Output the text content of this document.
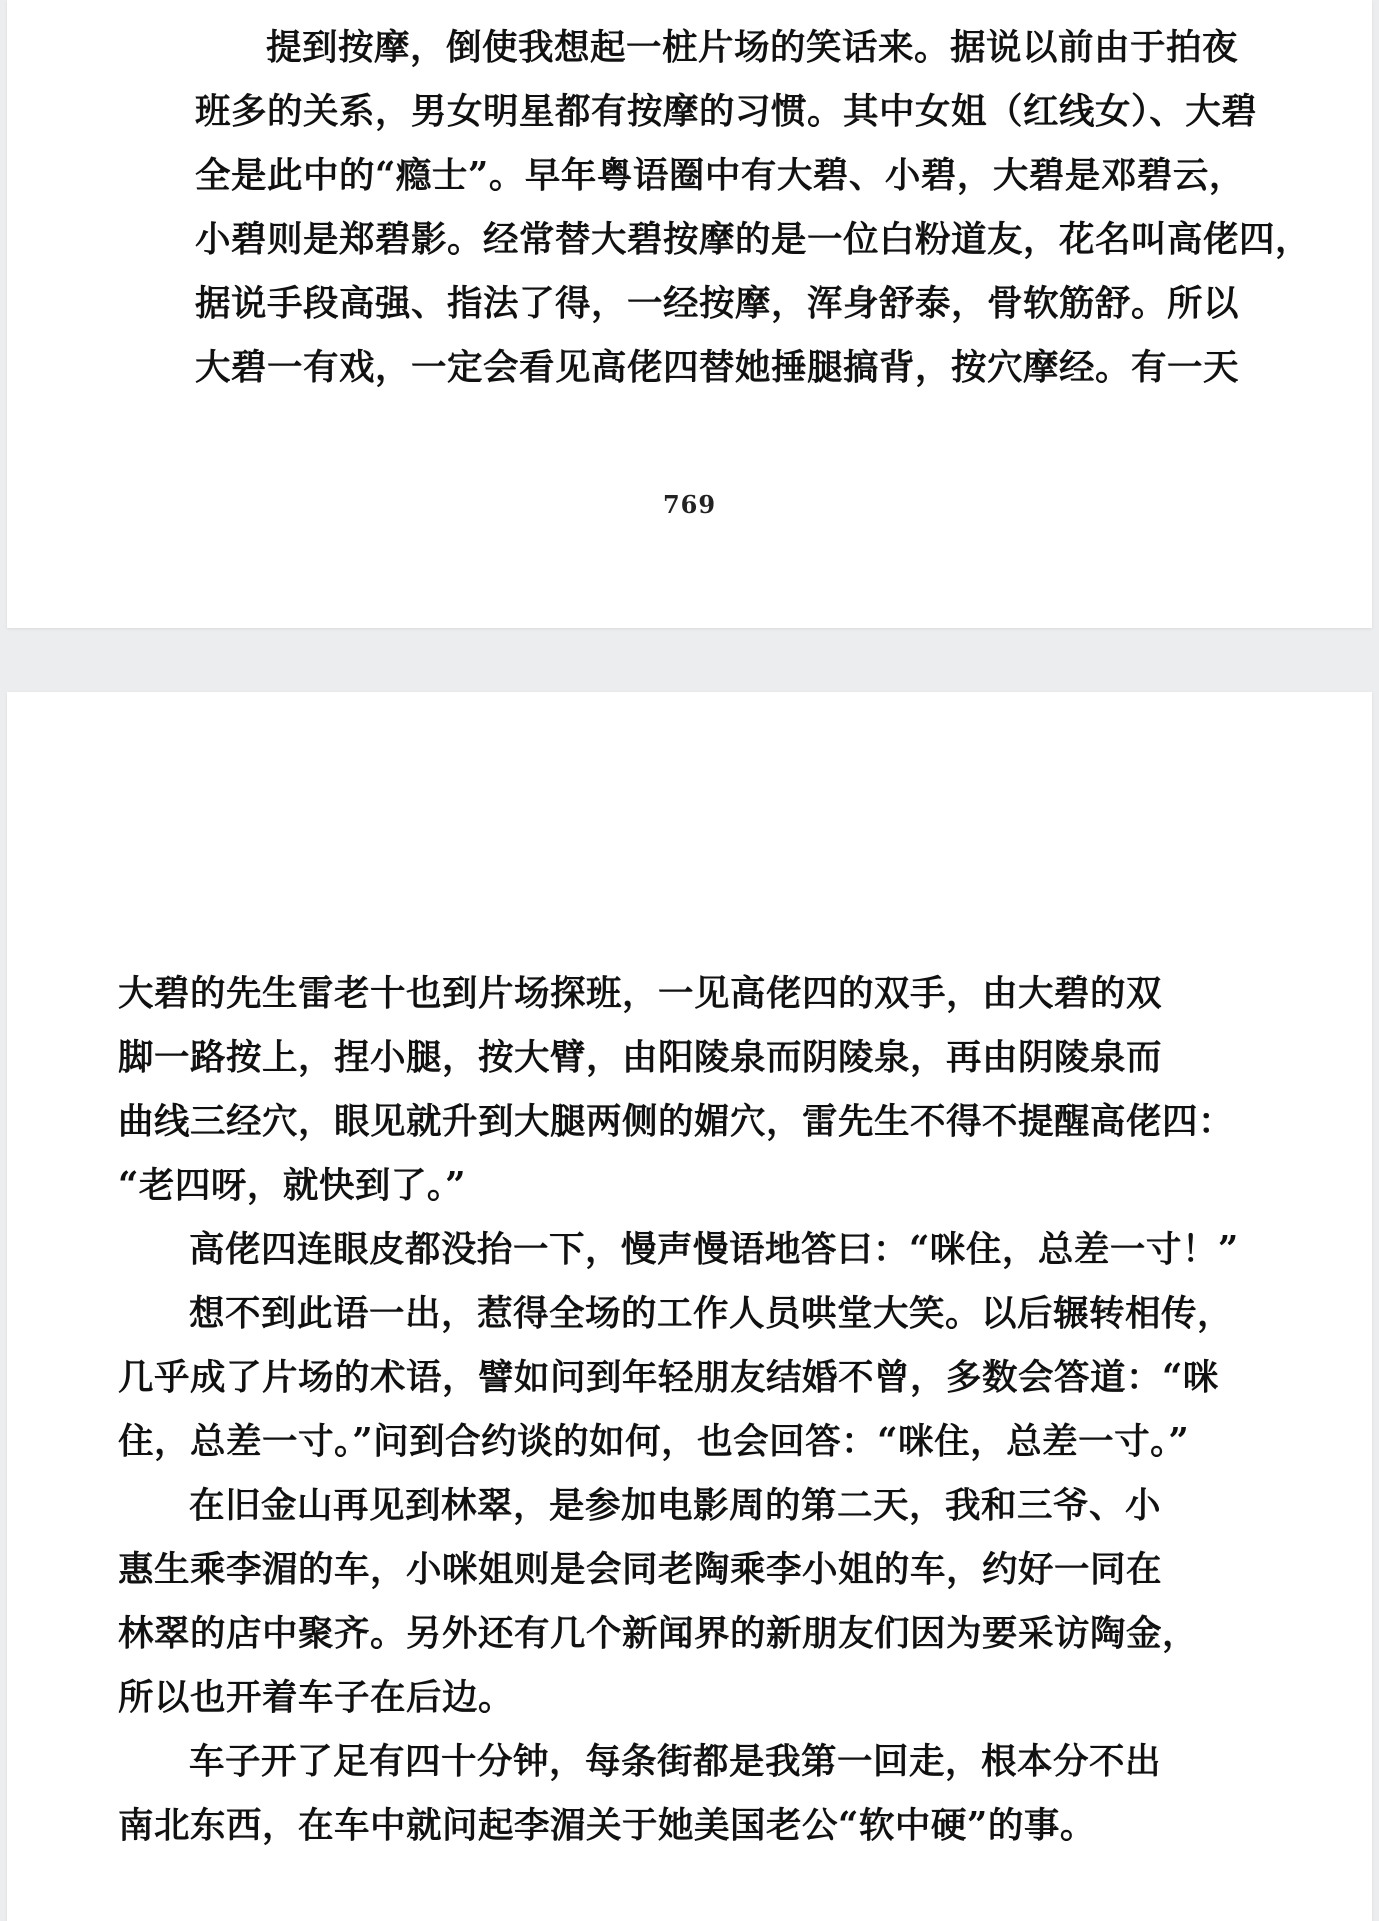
提到按摩，倒使我想起一桩片场的笑话来。据说以前由于拍夜
班多的关系，男女明星都有按摩的习惯。其中女姐（红线女）、大碧
全是此中的“瘾士”。早年粤语圈中有大碧、小碧，大碧是邓碧云，
小碧则是郑碧影。经常替大碧按摩的是一位白粉道友，花名叫高佬四，
据说手段高强、指法了得，一经按摩，浑身舒泰，骨软筋舒。所以
大碧一有戏，一定会看见高佬四替她捶腿搞背，按穴摩经。有一天
769
大碧的先生雷老十也到片场探班，一见高佬四的双手，由大碧的双
脚一路按上，捏小腿，按大臂，由阳陵泉而阴陵泉，再由阴陵泉而
曲线三经穴，眼见就升到大腿两侧的媚穴，雷先生不得不提醒高佬四：
“老四呀，就快到了。”
高佬四连眼皮都没抬一下，慢声慢语地答曰：“咪住，总差一寸！”
想不到此语一出，惹得全场的工作人员哄堂大笑。以后辗转相传，
几乎成了片场的术语，譬如问到年轻朋友结婚不曾，多数会答道：“咪
住，总差一寸。”问到合约谈的如何，也会回答：“咪住，总差一寸。”
在旧金山再见到林翠，是参加电影周的第二天，我和三爷、小
惠生乘李湄的车，小咪姐则是会同老陶乘李小姐的车，约好一同在
林翠的店中聚齐。另外还有几个新闻界的新朋友们因为要采访陶金，
所以也开着车子在后边。
车子开了足有四十分钟，每条街都是我第一回走，根本分不出
南北东西，在车中就问起李湄关于她美国老公“软中硬”的事。
